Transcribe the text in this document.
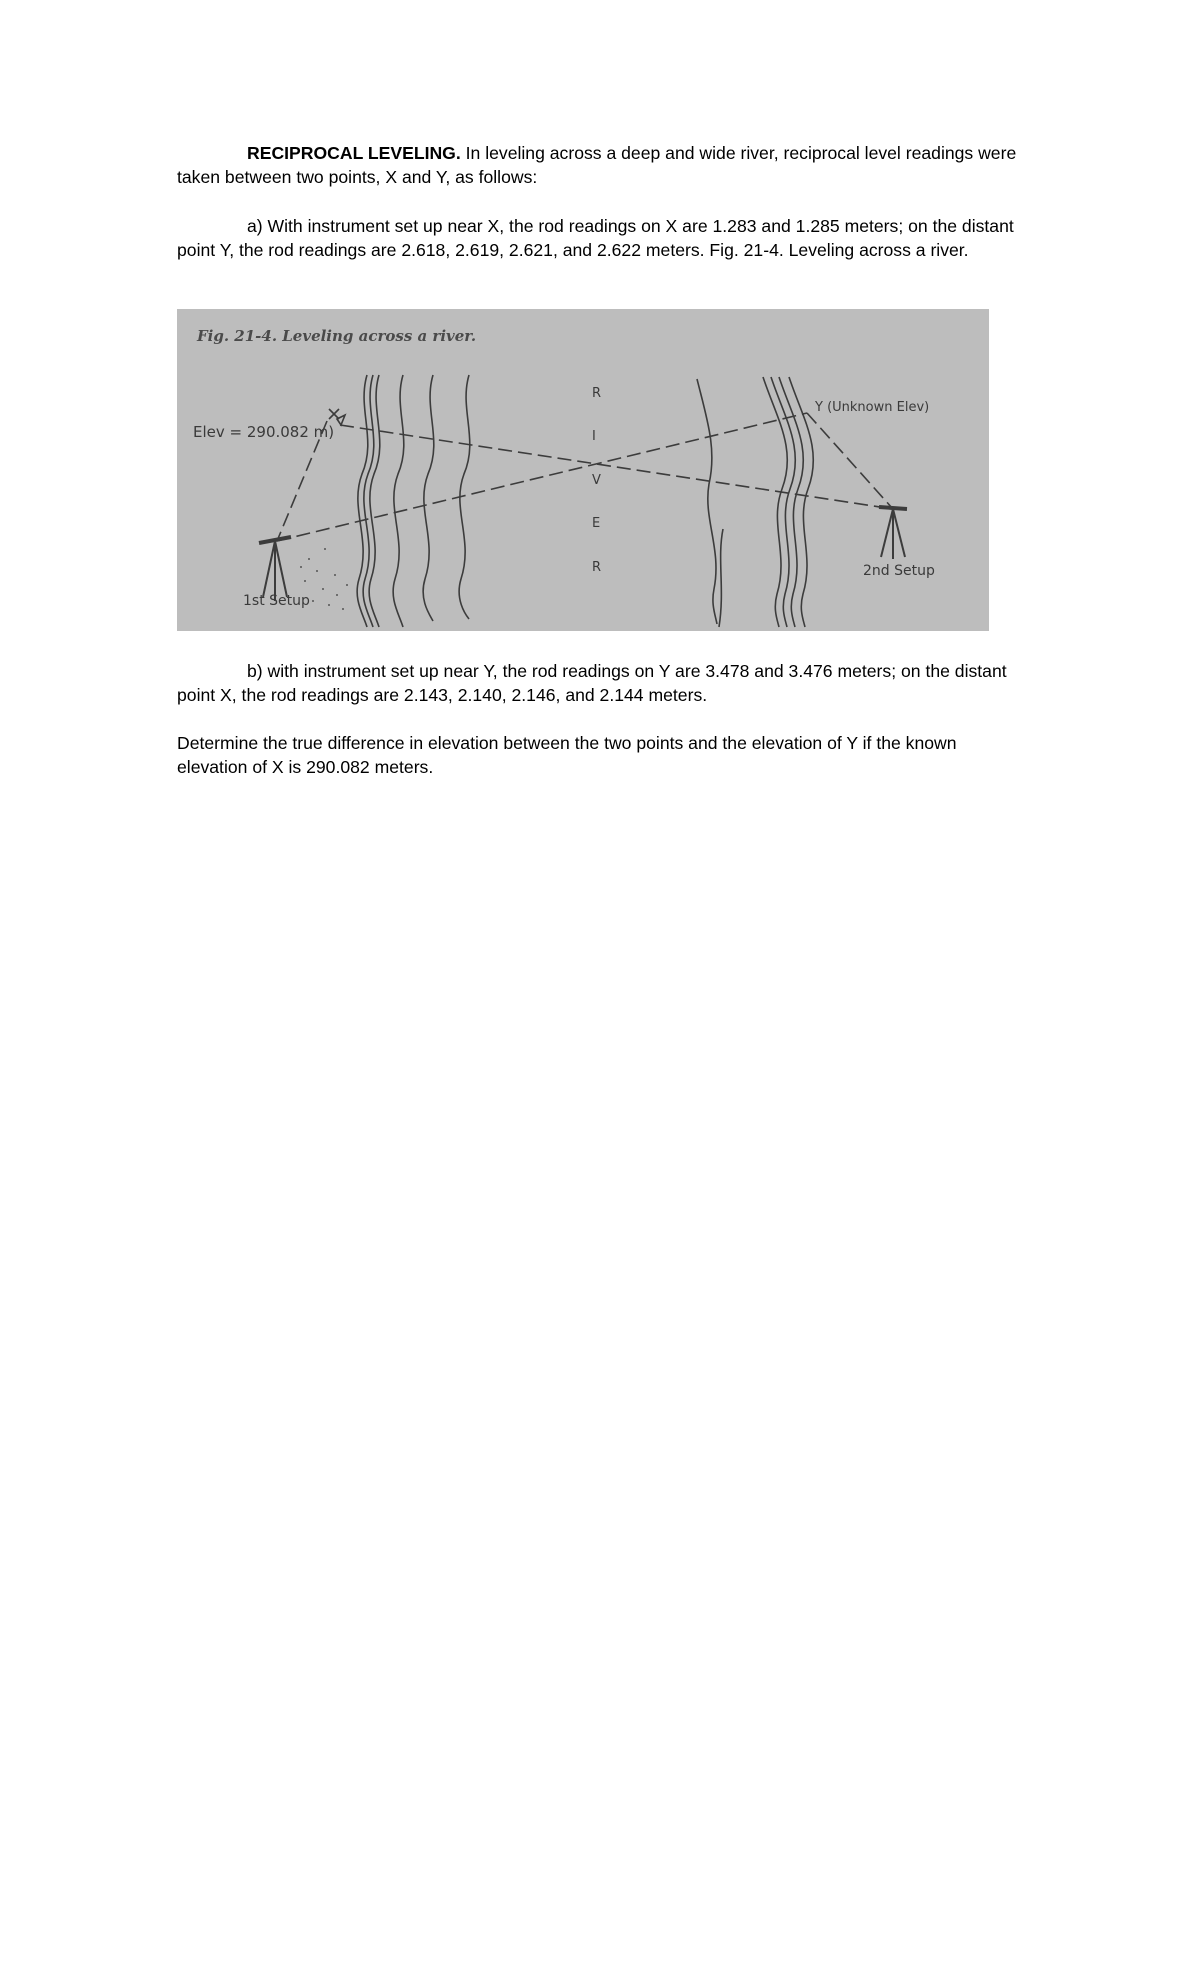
RECIPROCAL LEVELING. In leveling across a deep and wide river, reciprocal level readings were taken between two points, X and Y, as follows:
a) With instrument set up near X, the rod readings on X are 1.283 and 1.285 meters; on the distant point Y, the rod readings are 2.618, 2.619, 2.621, and 2.622 meters. Fig. 21-4. Leveling across a river.
Fig. 21-4. Leveling across a river.
R
I
V
E
R
Elev = 290.082 m)
Y (Unknown Elev)
1st Setup
2nd Setup
b) with instrument set up near Y, the rod readings on Y are 3.478 and 3.476 meters; on the distant point X, the rod readings are 2.143, 2.140, 2.146, and 2.144 meters.
Determine the true difference in elevation between the two points and the elevation of Y if the known elevation of X is 290.082 meters.
